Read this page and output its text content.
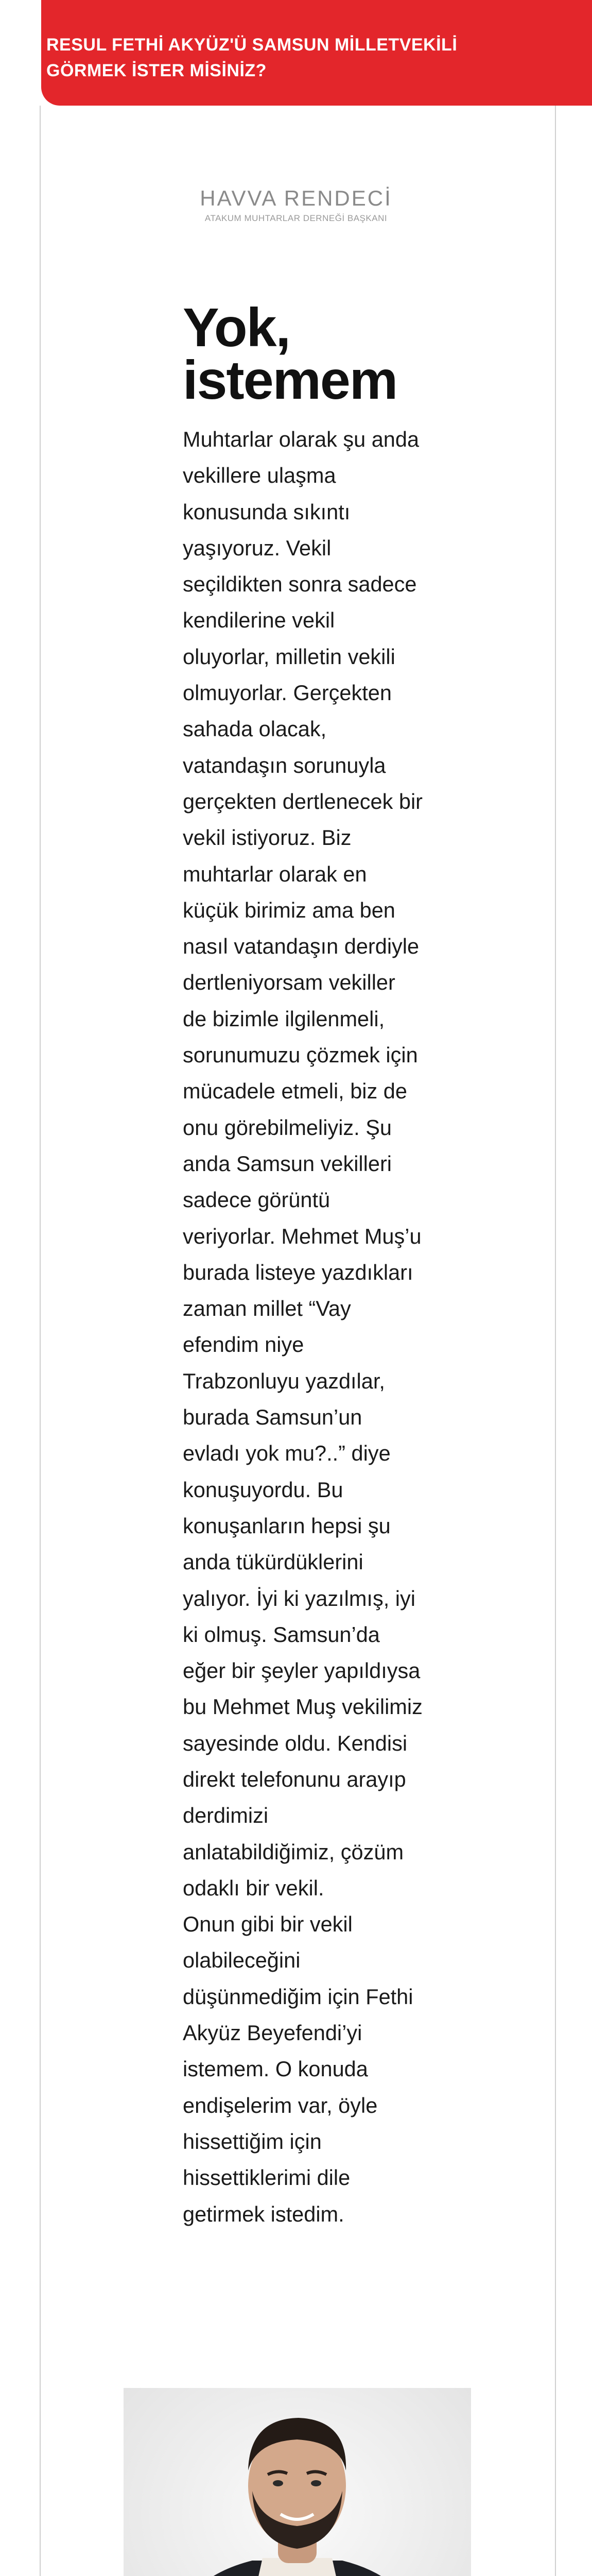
RESUL FETHİ AKYÜZ'Ü SAMSUN MİLLETVEKİLİ
GÖRMEK İSTER MİSİNİZ?
HAVVA RENDECİ
ATAKUM MUHTARLAR DERNEĞİ BAŞKANI
Yok,
istemem

Muhtarlar olarak şu anda vekillere ulaşma konusunda sıkıntı yaşıyoruz. Vekil seçildikten sonra sadece kendilerine vekil oluyorlar, milletin vekili olmuyorlar. Gerçekten sahada olacak, vatandaşın sorunuyla gerçekten dertlenecek bir vekil istiyoruz. Biz muhtarlar olarak en küçük birimiz ama ben nasıl vatandaşın derdiyle dertleniyorsam vekiller de bizimle ilgilenmeli, sorunumuzu çözmek için mücadele etmeli, biz de onu görebilmeliyiz. Şu anda Samsun vekilleri sadece görüntü veriyorlar. Mehmet Muş’u burada listeye yazdıkları zaman millet “Vay efendim niye Trabzonluyu yazdılar, burada Samsun’un evladı yok mu?..” diye konuşuyordu. Bu konuşanların hepsi şu anda tükürdüklerini yalıyor. İyi ki yazılmış, iyi ki olmuş. Samsun’da eğer bir şeyler yapıldıysa bu Mehmet Muş vekilimiz sayesinde oldu. Kendisi direkt telefonunu arayıp derdimizi anlatabildiğimiz, çözüm odaklı bir vekil.

Onun gibi bir vekil olabileceğini düşünmediğim için Fethi Akyüz Beyefendi’yi istemem. O konuda endişelerim var, öyle hissettiğim için hissettiklerimi dile getirmek istedim.
